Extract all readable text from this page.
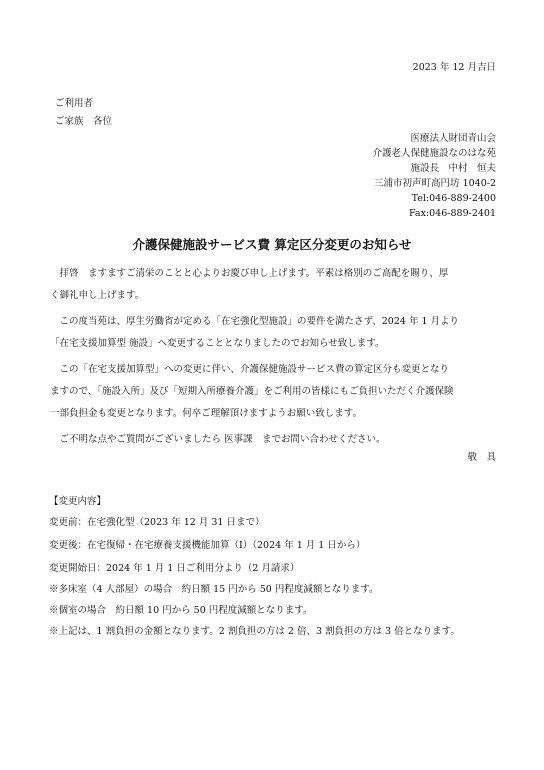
2023 年 12 月吉日
ご利用者
ご家族　各位
医療法人財団青山会
介護老人保健施設なのはな苑
施設長　中村　恒夫
三浦市初声町高円坊 1040-2
Tel:046-889-2400
Fax:046-889-2401
介護保健施設サービス費 算定区分変更のお知らせ
　拝啓　ますますご清栄のことと心よりお慶び申し上げます。平素は格別のご高配を賜り、厚
く御礼申し上げます。
　この度当苑は、厚生労働省が定める「在宅強化型施設」の要件を満たさず、2024 年 1 月より
「在宅支援加算型 施設」へ変更することとなりましたのでお知らせ致します。
　この「在宅支援加算型」への変更に伴い、介護保健施設サービス費の算定区分も変更となり
ますので、「施設入所」及び「短期入所療養介護」をご利用の皆様にもご負担いただく介護保険
一部負担金も変更となります。何卒ご理解頂けますようお願い致します。
　ご不明な点やご質問がございましたら 医事課　までお問い合わせください。
敬　具
【変更内容】
変更前：在宅強化型（2023 年 12 月 31 日まで）
変更後：在宅復帰・在宅療養支援機能加算（Ⅰ）（2024 年 1 月 1 日から）
変更開始日：2024 年 1 月 1 日ご利用分より（2 月請求）
※多床室（4 人部屋）の場合　約日額 15 円から 50 円程度減額となります。
※個室の場合　約日額 10 円から 50 円程度減額となります。
※上記は、1 割負担の金額となります。2 割負担の方は 2 倍、3 割負担の方は 3 倍となります。
